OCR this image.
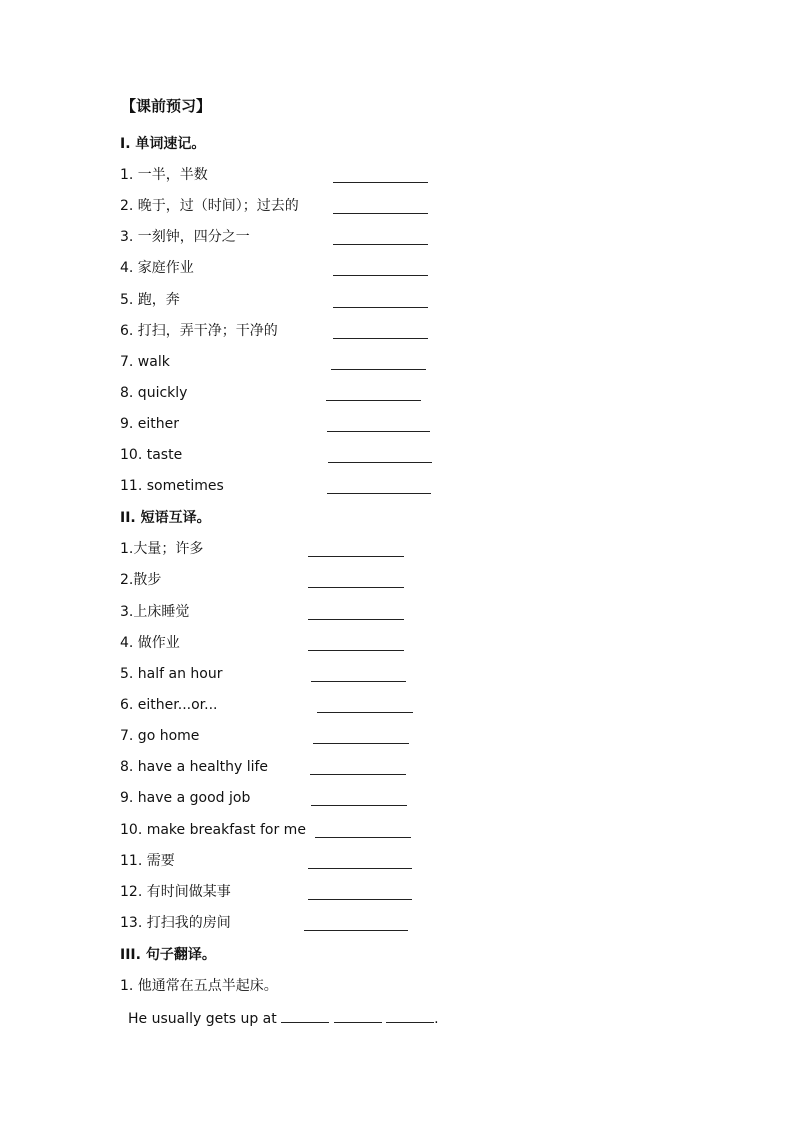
【课前预习】
I. 单词速记。
1. 一半，半数
2. 晚于，过（时间）；过去的
3. 一刻钟，四分之一
4. 家庭作业
5. 跑，奔
6. 打扫，弄干净；干净的
7. walk
8. quickly
9. either
10. taste
11. sometimes
II. 短语互译。
1.大量；许多
2.散步
3.上床睡觉
4. 做作业
5. half an hour
6. either...or...
7. go home
8. have a healthy life
9. have a good job
10. make breakfast for me
11. 需要
12. 有时间做某事
13. 打扫我的房间
III. 句子翻译。
1. 他通常在五点半起床。
He usually gets up at	.
